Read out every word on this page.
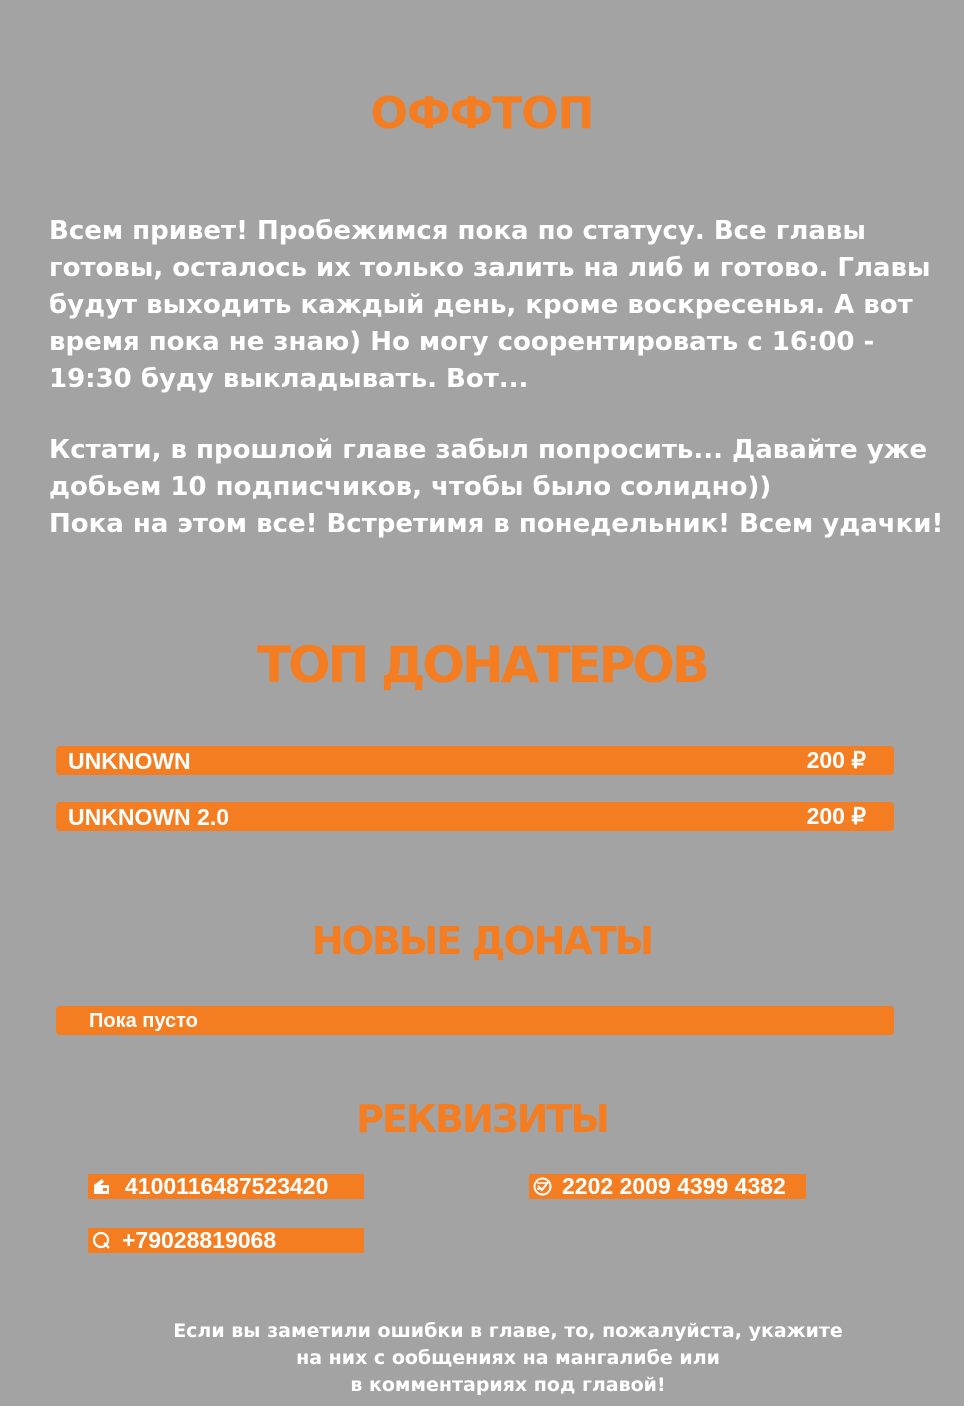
ОФФТОП
Всем привет! Пробежимся пока по статусу. Все главы
готовы, осталось их только залить на либ и готово. Главы
будут выходить каждый день, кроме воскресенья. А вот
время пока не знаю) Но могу соорентировать с 16:00 -
19:30 буду выкладывать. Вот...
Кстати, в прошлой главе забыл попросить... Давайте уже
добьем 10 подписчиков, чтобы было солидно))
Пока на этом все! Встретимя в понедельник! Всем удачки!
ТОП ДОНАТЕРОВ
UNKNOWN	200 ₽
UNKNOWN 2.0	200 ₽
НОВЫЕ ДОНАТЫ
Пока пусто
РЕКВИЗИТЫ
4100116487523420	2202 2009 4399 4382
+79028819068
Если вы заметили ошибки в главе, то, пожалуйста, укажите
на них с ообщениях на мангалибе или
в комментариях под главой!
